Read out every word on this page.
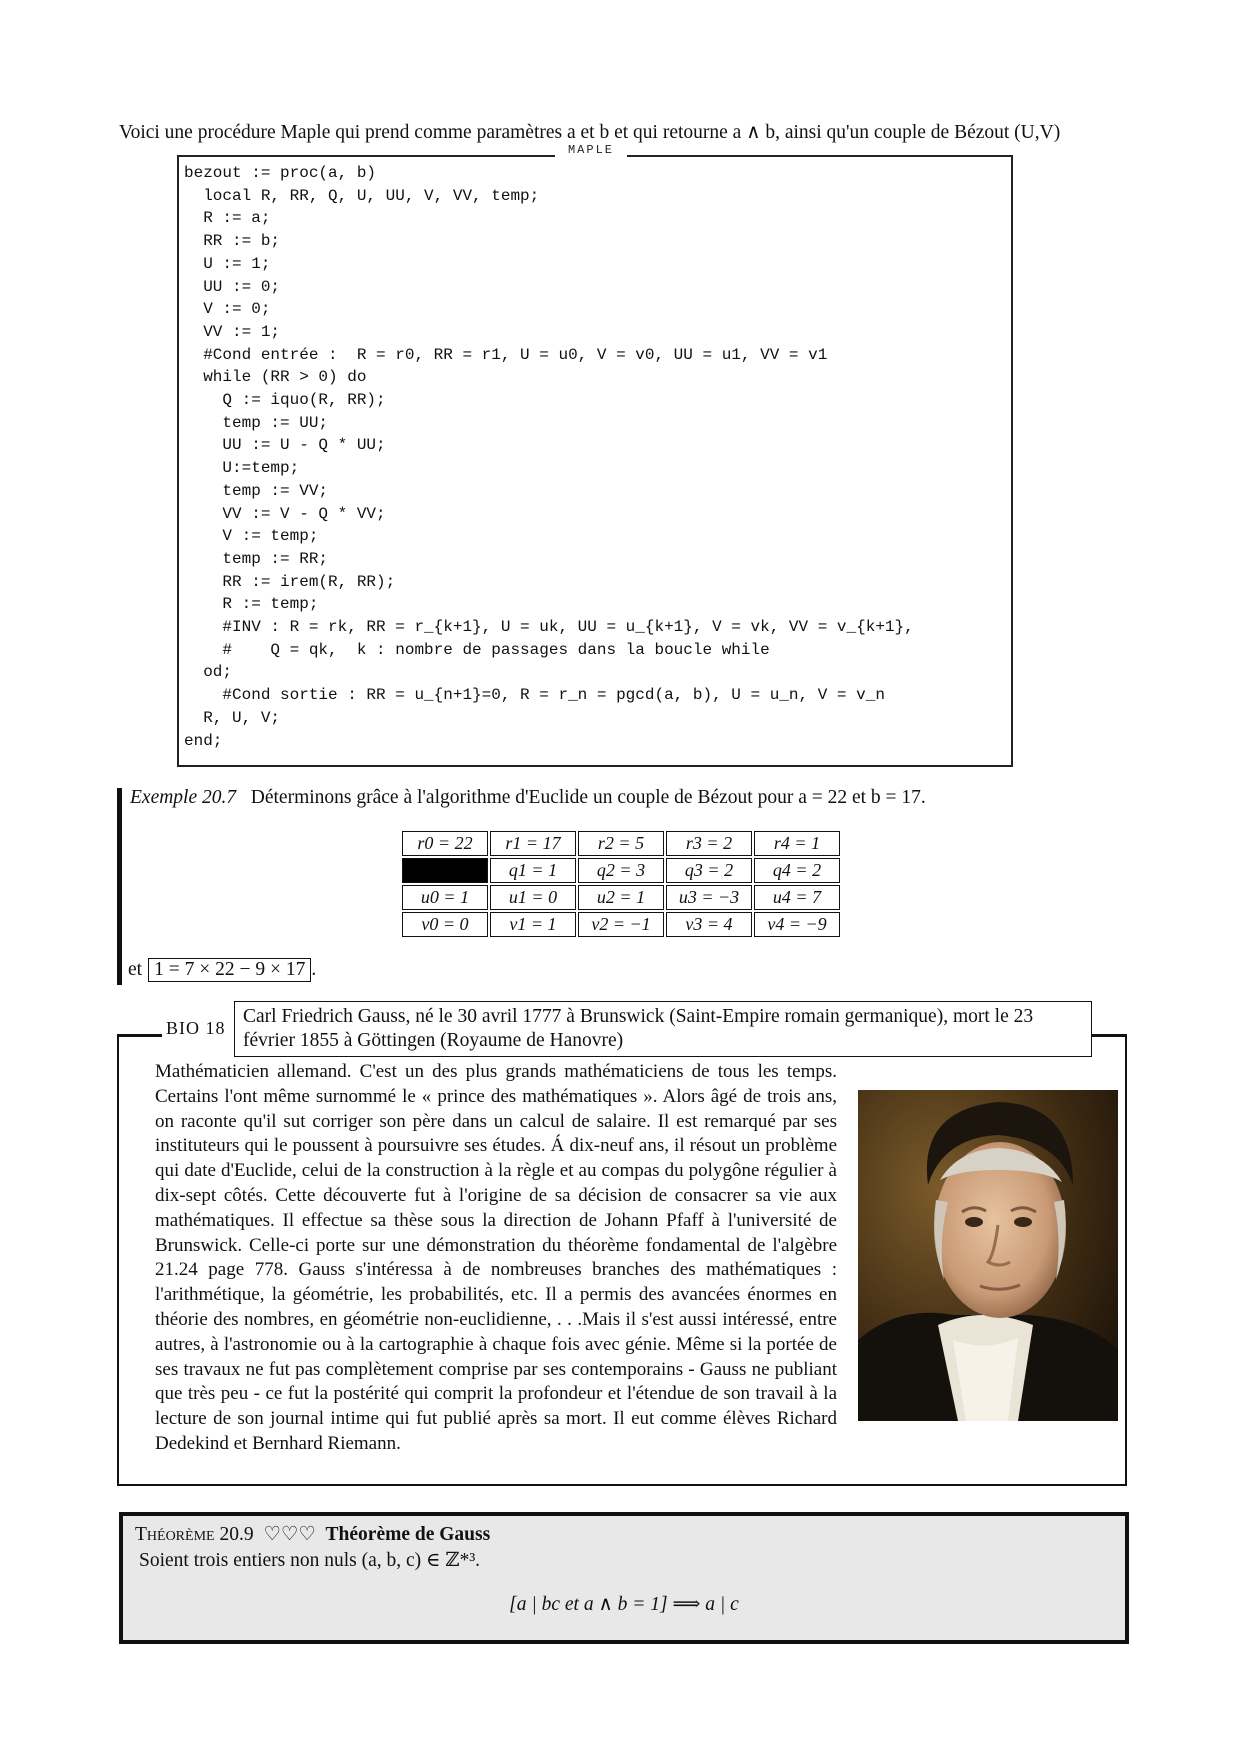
Voici une procédure Maple qui prend comme paramètres a et b et qui retourne a ∧ b, ainsi qu'un couple de Bézout (U,V)
MAPLE
bezout := proc(a, b)
local R, RR, Q, U, UU, V, VV, temp;
R := a;
RR := b;
U := 1;
UU := 0;
V := 0;
VV := 1;
#Cond entrée :  R = r0, RR = r1, U = u0, V = v0, UU = u1, VV = v1
while (RR > 0) do
Q := iquo(R, RR);
temp := UU;
UU := U - Q * UU;
U:=temp;
temp := VV;
VV := V - Q * VV;
V := temp;
temp := RR;
RR := irem(R, RR);
R := temp;
#INV : R = rk, RR = r_{k+1}, U = uk, UU = u_{k+1}, V = vk, VV = v_{k+1},
#    Q = qk,  k : nombre de passages dans la boucle while
od;
#Cond sortie : RR = u_{n+1}=0, R = r_n = pgcd(a, b), U = u_n, V = v_n
R, U, V;
end;
Exemple 20.7 Déterminons grâce à l'algorithme d'Euclide un couple de Bézout pour a = 22 et b = 17.
r0 = 22	r1 = 17	r2 = 5	r3 = 2	r4 = 1
	q1 = 1	q2 = 3	q3 = 2	q4 = 2
u0 = 1	u1 = 0	u2 = 1	u3 = −3	u4 = 7
v0 = 0	v1 = 1	v2 = −1	v3 = 4	v4 = −9
et 1 = 7 × 22 − 9 × 17 .
BIO 18
Carl Friedrich Gauss, né le 30 avril 1777 à Brunswick (Saint-Empire romain germanique), mort le 23 février 1855 à Göttingen (Royaume de Hanovre)
Mathématicien allemand. C'est un des plus grands mathématiciens de tous les temps. Certains l'ont même surnommé le « prince des mathématiques ». Alors âgé de trois ans, on raconte qu'il sut corriger son père dans un calcul de salaire. Il est remarqué par ses instituteurs qui le poussent à poursuivre ses études. Á dix-neuf ans, il résout un problème qui date d'Euclide, celui de la construction à la règle et au compas du polygône régulier à dix-sept côtés. Cette découverte fut à l'origine de sa décision de consacrer sa vie aux mathématiques. Il effectue sa thèse sous la direction de Johann Pfaff à l'université de Brunswick. Celle-ci porte sur une démonstration du théorème fondamental de l'algèbre 21.24 page 778. Gauss s'intéressa à de nombreuses branches des mathématiques : l'arithmétique, la géométrie, les probabilités, etc. Il a permis des avancées énormes en théorie des nombres, en géométrie non-euclidienne, . . .Mais il s'est aussi intéressé, entre autres, à l'astronomie ou à la cartographie à chaque fois avec génie. Même si la portée de ses travaux ne fut pas complètement comprise par ses contemporains - Gauss ne publiant que très peu - ce fut la postérité qui comprit la profondeur et l'étendue de son travail à la lecture de son journal intime qui fut publié après sa mort. Il eut comme élèves Richard Dedekind et Bernhard Riemann.
Théorème 20.9 ♡♡♡ Théorème de Gauss
Soient trois entiers non nuls (a, b, c) ∈ ℤ*³.
[a | bc et a ∧ b = 1] ⟹ a | c
